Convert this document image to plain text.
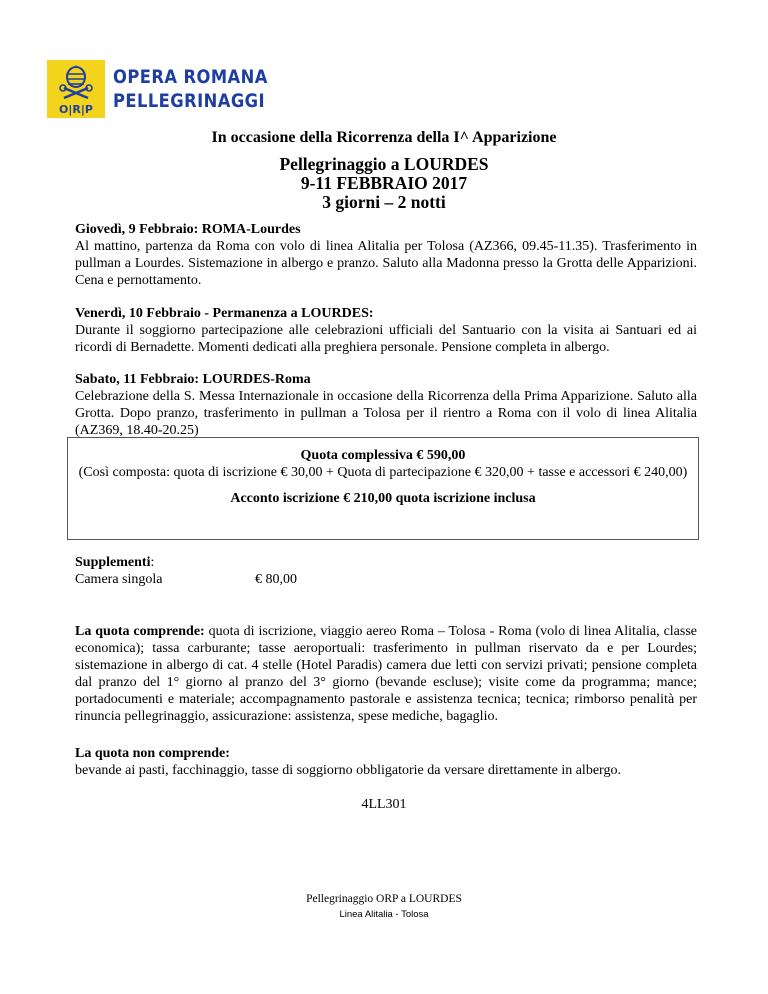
O|R|P
OPERA ROMANA
PELLEGRINAGGI
In occasione della Ricorrenza della I^ Apparizione
Pellegrinaggio a LOURDES
9-11 FEBBRAIO 2017
3 giorni – 2 notti

Giovedì, 9 Febbraio: ROMA-Lourdes

Al mattino, partenza da Roma con volo di linea Alitalia per Tolosa (AZ366, 09.45-11.35). Trasferimento in pullman a Lourdes. Sistemazione in albergo e pranzo. Saluto alla Madonna presso la Grotta delle Apparizioni. Cena e pernottamento.

Venerdì, 10 Febbraio - Permanenza a LOURDES:

Durante il soggiorno partecipazione alle celebrazioni ufficiali del Santuario con la visita ai Santuari ed ai ricordi di Bernadette. Momenti dedicati alla preghiera personale. Pensione completa in albergo.

Sabato, 11 Febbraio: LOURDES-Roma

Celebrazione della S. Messa Internazionale in occasione della Ricorrenza della Prima Apparizione. Saluto alla Grotta. Dopo pranzo, trasferimento in pullman a Tolosa per il rientro a Roma con il volo di linea Alitalia (AZ369, 18.40-20.25)

Quota complessiva € 590,00
(Così composta: quota di iscrizione € 30,00 + Quota di partecipazione € 320,00 + tasse e accessori € 240,00)
Acconto iscrizione € 210,00 quota iscrizione inclusa
Supplementi:
Camera singola	€ 80,00

La quota comprende: quota di iscrizione, viaggio aereo Roma – Tolosa - Roma (volo di linea Alitalia, classe economica); tassa carburante; tasse aeroportuali: trasferimento in pullman riservato da e per Lourdes; sistemazione in albergo di cat. 4 stelle (Hotel Paradis) camera due letti con servizi privati; pensione completa dal pranzo del 1° giorno al pranzo del 3° giorno (bevande escluse); visite come da programma; mance; portadocumenti e materiale; accompagnamento pastorale e assistenza tecnica; tecnica; rimborso penalità per rinuncia pellegrinaggio, assicurazione: assistenza, spese mediche, bagaglio.

La quota non comprende:

bevande ai pasti, facchinaggio, tasse di soggiorno obbligatorie da versare direttamente in albergo.

4LL301
Pellegrinaggio ORP a LOURDES
Linea Alitalia - Tolosa
